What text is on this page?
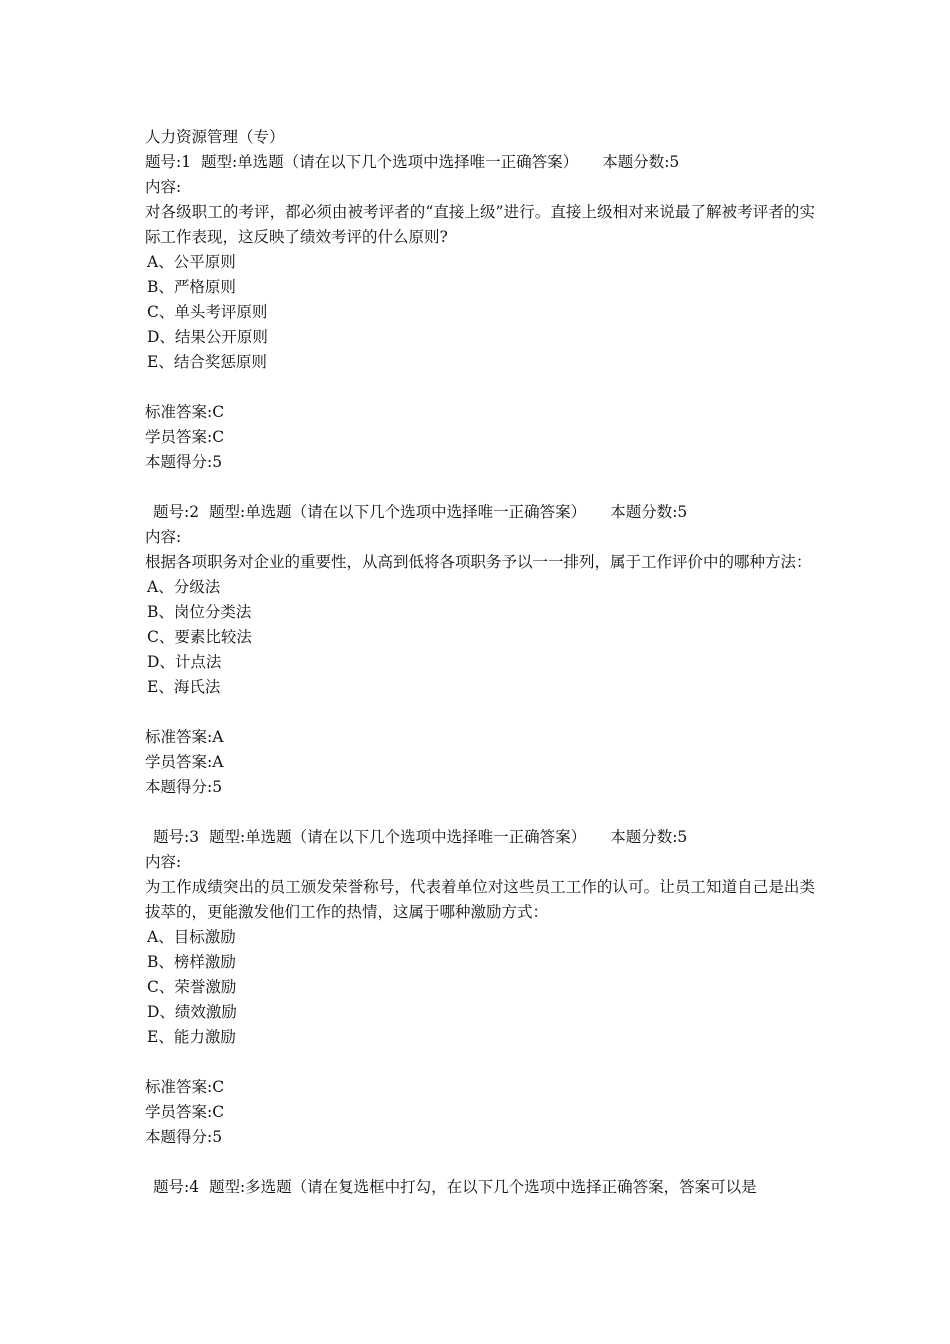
人力资源管理（专）
题号:1 题型:单选题（请在以下几个选项中选择唯一正确答案） 本题分数:5
内容:
对各级职工的考评，都必须由被考评者的“直接上级”进行。直接上级相对来说最了解被考评者的实际工作表现，这反映了绩效考评的什么原则?
A、公平原则
B、严格原则
C、单头考评原则
D、结果公开原则
E、结合奖惩原则
标准答案:C
学员答案:C
本题得分:5
题号:2 题型:单选题（请在以下几个选项中选择唯一正确答案） 本题分数:5
内容:
根据各项职务对企业的重要性，从高到低将各项职务予以一一排列，属于工作评价中的哪种方法：
A、分级法
B、岗位分类法
C、要素比较法
D、计点法
E、海氏法
标准答案:A
学员答案:A
本题得分:5
题号:3 题型:单选题（请在以下几个选项中选择唯一正确答案） 本题分数:5
内容:
为工作成绩突出的员工颁发荣誉称号，代表着单位对这些员工工作的认可。让员工知道自己是出类拔萃的，更能激发他们工作的热情，这属于哪种激励方式：
A、目标激励
B、榜样激励
C、荣誉激励
D、绩效激励
E、能力激励
标准答案:C
学员答案:C
本题得分:5
题号:4 题型:多选题（请在复选框中打勾，在以下几个选项中选择正确答案，答案可以是
